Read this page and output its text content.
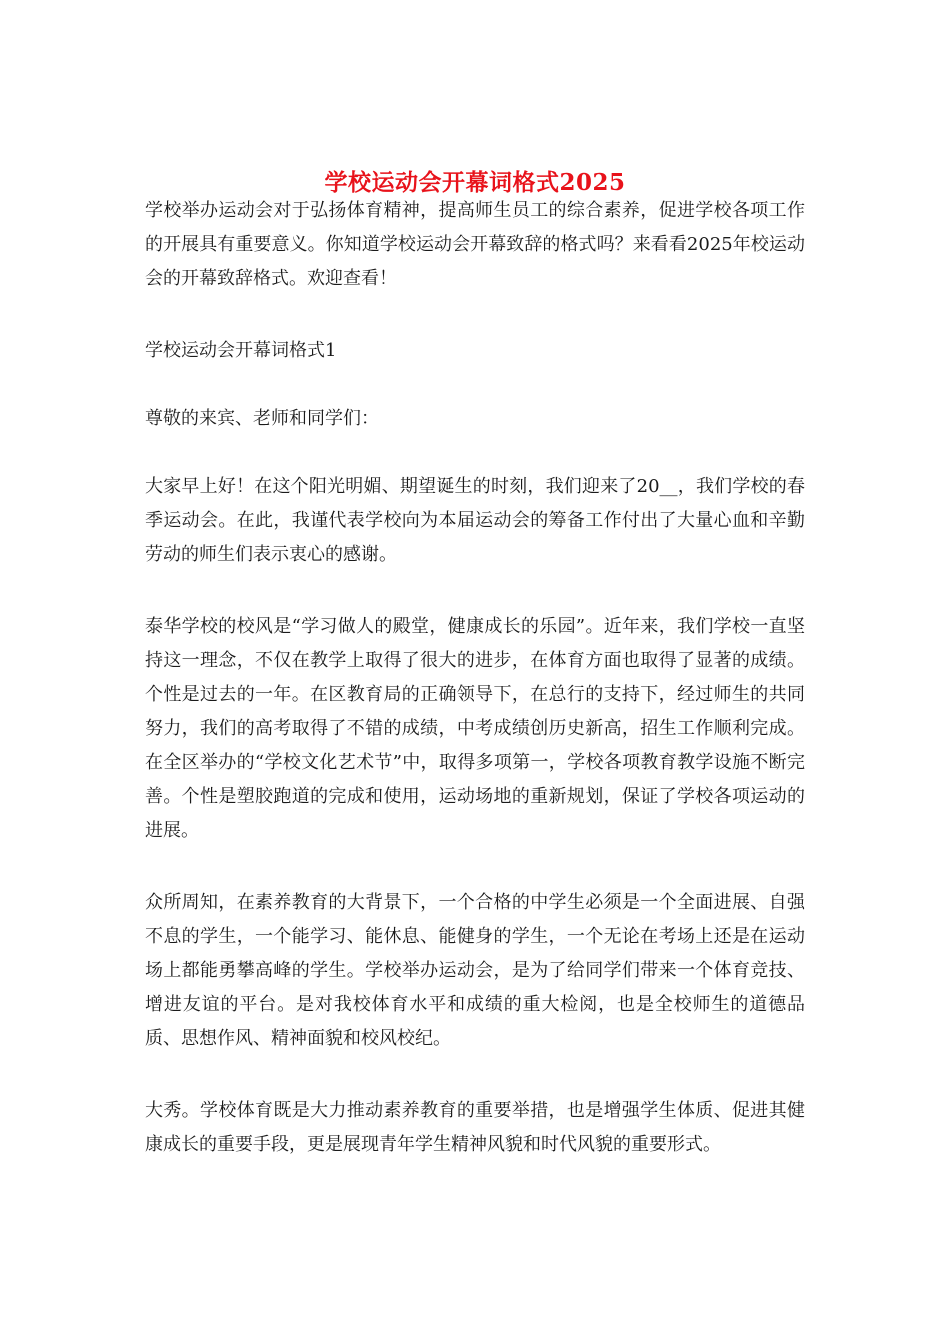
学校运动会开幕词格式2025

学校举办运动会对于弘扬体育精神，提高师生员工的综合素养，促进学校各项工作的开展具有重要意义。你知道学校运动会开幕致辞的格式吗？来看看2025年校运动会的开幕致辞格式。欢迎查看！

学校运动会开幕词格式1

尊敬的来宾、老师和同学们：

大家早上好！在这个阳光明媚、期望诞生的时刻，我们迎来了20__，我们学校的春季运动会。在此，我谨代表学校向为本届运动会的筹备工作付出了大量心血和辛勤劳动的师生们表示衷心的感谢。

泰华学校的校风是“学习做人的殿堂，健康成长的乐园”。近年来，我们学校一直坚持这一理念，不仅在教学上取得了很大的进步，在体育方面也取得了显著的成绩。个性是过去的一年。在区教育局的正确领导下，在总行的支持下，经过师生的共同努力，我们的高考取得了不错的成绩，中考成绩创历史新高，招生工作顺利完成。在全区举办的“学校文化艺术节”中，取得多项第一，学校各项教育教学设施不断完善。个性是塑胶跑道的完成和使用，运动场地的重新规划，保证了学校各项运动的进展。

众所周知，在素养教育的大背景下，一个合格的中学生必须是一个全面进展、自强不息的学生，一个能学习、能休息、能健身的学生，一个无论在考场上还是在运动场上都能勇攀高峰的学生。学校举办运动会，是为了给同学们带来一个体育竞技、增进友谊的平台。是对我校体育水平和成绩的重大检阅，也是全校师生的道德品质、思想作风、精神面貌和校风校纪。

大秀。学校体育既是大力推动素养教育的重要举措，也是增强学生体质、促进其健康成长的重要手段，更是展现青年学生精神风貌和时代风貌的重要形式。
